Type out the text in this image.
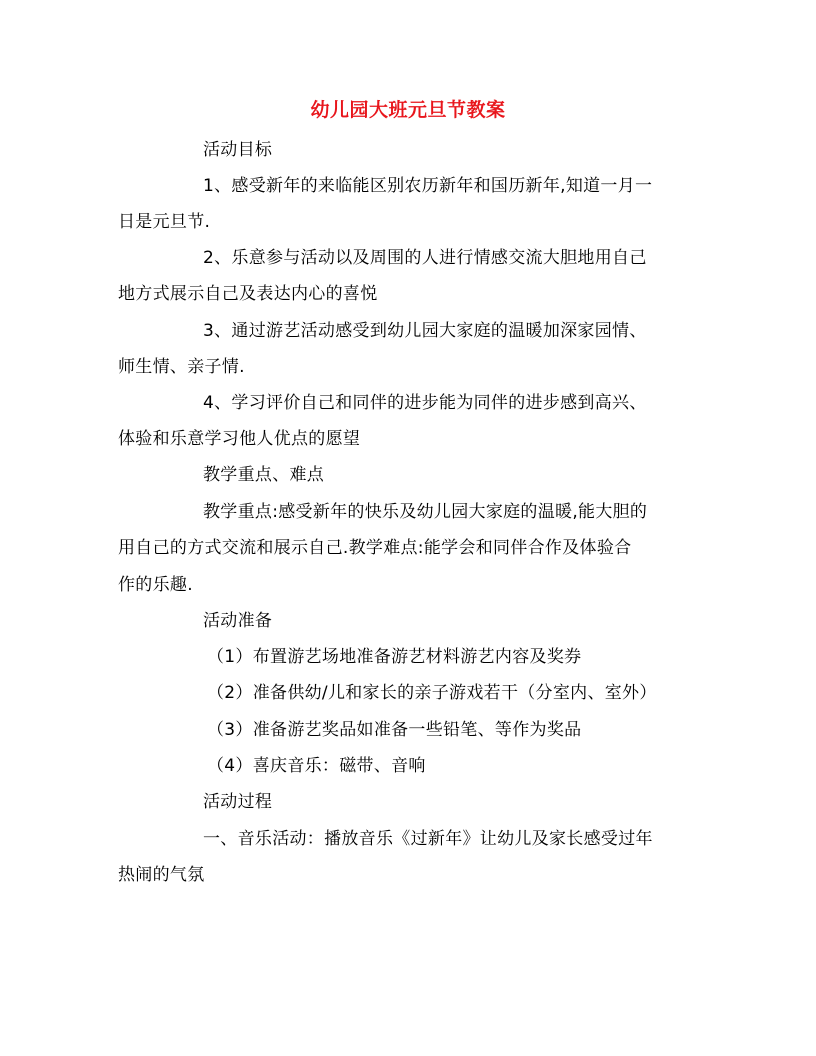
幼儿园大班元旦节教案
活动目标
1、感受新年的来临能区别农历新年和国历新年,知道一月一
日是元旦节.
2、乐意参与活动以及周围的人进行情感交流大胆地用自己
地方式展示自己及表达内心的喜悦
3、通过游艺活动感受到幼儿园大家庭的温暖加深家园情、
师生情、亲子情.
4、学习评价自己和同伴的进步能为同伴的进步感到高兴、
体验和乐意学习他人优点的愿望
教学重点、难点
教学重点:感受新年的快乐及幼儿园大家庭的温暖,能大胆的
用自己的方式交流和展示自己.教学难点:能学会和同伴合作及体验合
作的乐趣.
活动准备
（1）布置游艺场地准备游艺材料游艺内容及奖券
（2）准备供幼/儿和家长的亲子游戏若干（分室内、室外）
（3）准备游艺奖品如准备一些铅笔、等作为奖品
（4）喜庆音乐：磁带、音响
活动过程
一、音乐活动：播放音乐《过新年》让幼儿及家长感受过年
热闹的气氛
